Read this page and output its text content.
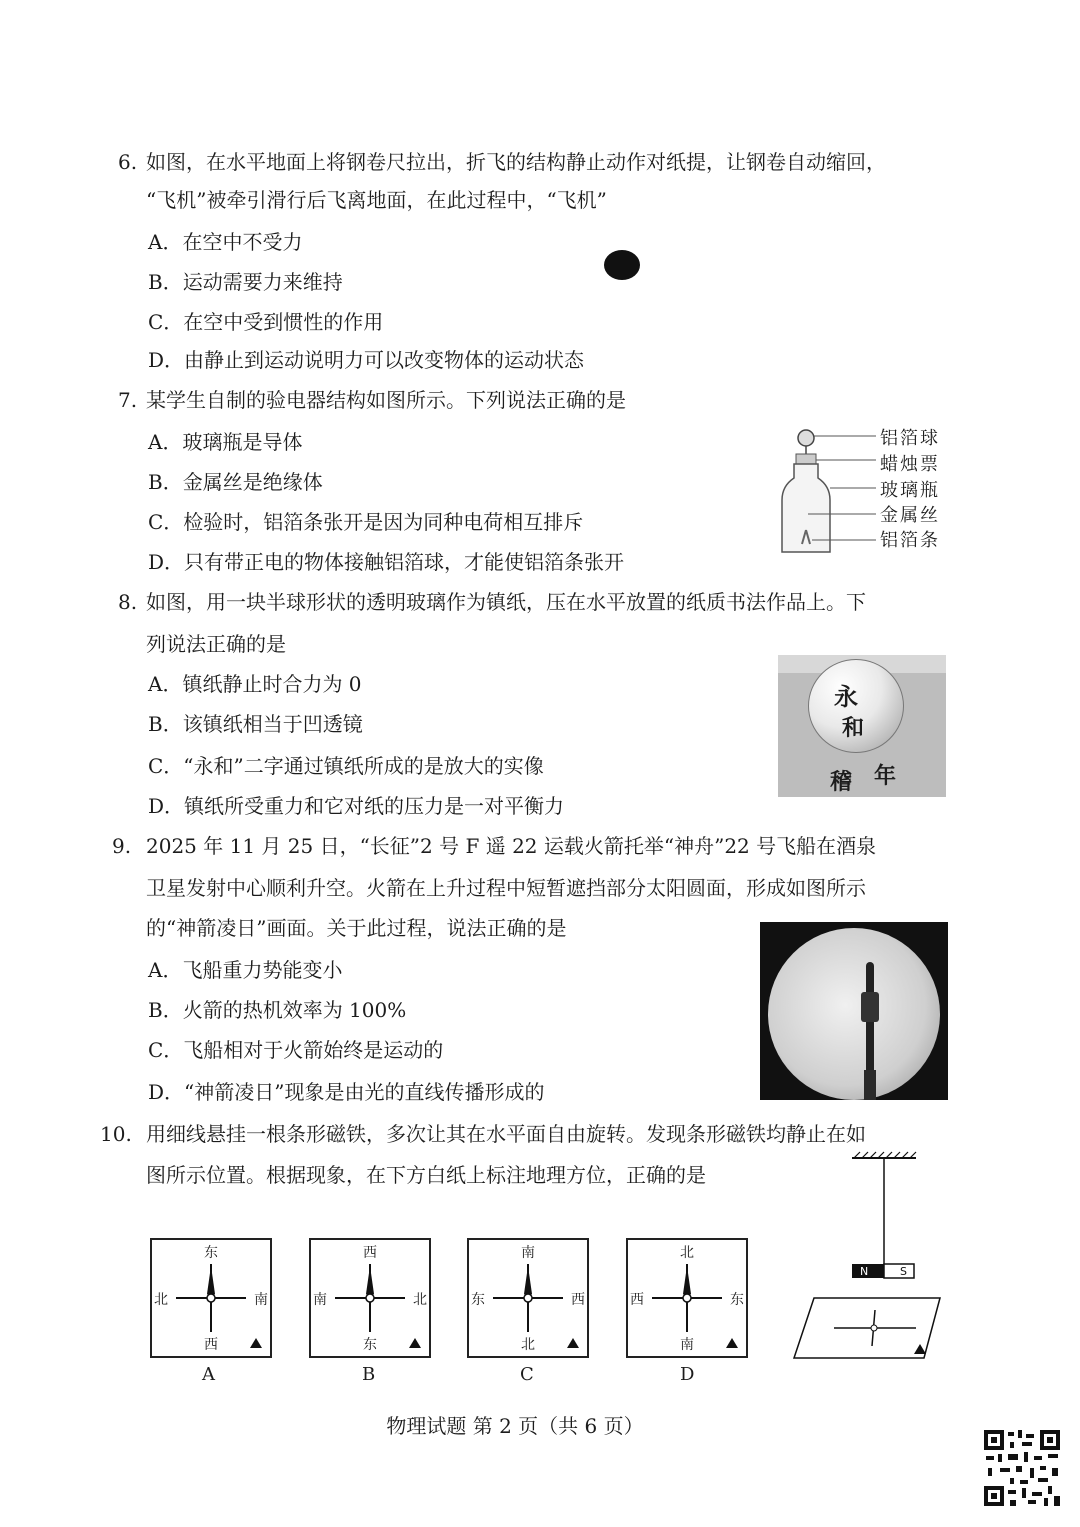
6. 如图，在水平地面上将钢卷尺拉出，折飞的结构静止动作对纸提，让钢卷自动缩回，
“飞机”被牵引滑行后飞离地面，在此过程中，“飞机”
A．在空中不受力
B．运动需要力来维持
C．在空中受到惯性的作用
D．由静止到运动说明力可以改变物体的运动状态
7. 某学生自制的验电器结构如图所示。下列说法正确的是
A．玻璃瓶是导体
B．金属丝是绝缘体
C．检验时，铝箔条张开是因为同种电荷相互排斥
D．只有带正电的物体接触铝箔球，才能使铝箔条张开
铝箔球
蜡烛票
玻璃瓶
金属丝
铝箔条
8. 如图，用一块半球形状的透明玻璃作为镇纸，压在水平放置的纸质书法作品上。下
列说法正确的是
A．镇纸静止时合力为 0
B．该镇纸相当于凹透镜
C．“永和”二字通过镇纸所成的是放大的实像
D．镇纸所受重力和它对纸的压力是一对平衡力
永
和
稽 年
9. 2025 年 11 月 25 日，“长征”2 号 F 遥 22 运载火箭托举“神舟”22 号飞船在酒泉
卫星发射中心顺利升空。火箭在上升过程中短暂遮挡部分太阳圆面，形成如图所示
的“神箭凌日”画面。关于此过程，说法正确的是
A．飞船重力势能变小
B．火箭的热机效率为 100%
C．飞船相对于火箭始终是运动的
D．“神箭凌日”现象是由光的直线传播形成的
10. 用细线悬挂一根条形磁铁，多次让其在水平面自由旋转。发现条形磁铁均静止在如
图所示位置。根据现象，在下方白纸上标注地理方位，正确的是
东
北	南
西
A
西
南	北
东
B
南
东	西
北
C
北
西	东
南
D
N	S
物理试题 第 2 页（共 6 页）
